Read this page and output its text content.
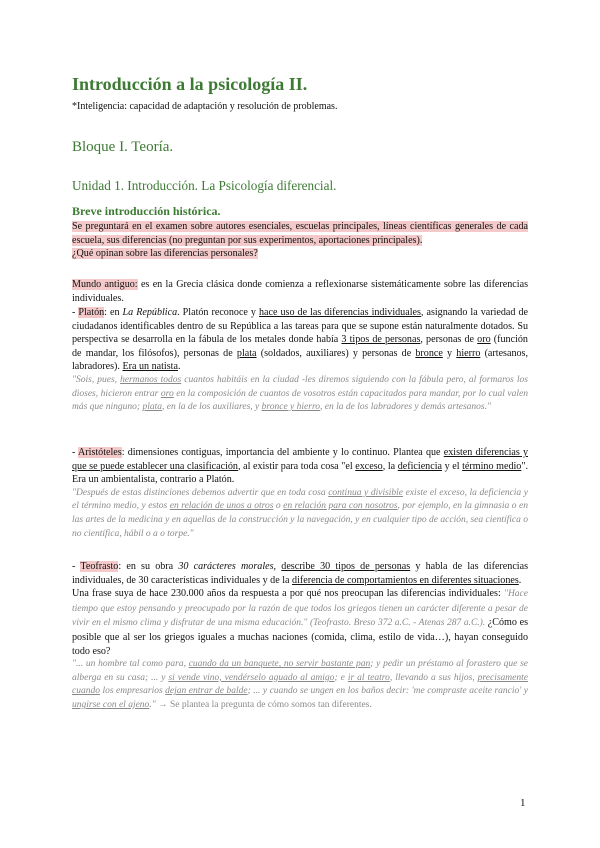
Introducción a la psicología II.
*Inteligencia: capacidad de adaptación y resolución de problemas.
Bloque I. Teoría.
Unidad 1. Introducción. La Psicología diferencial.
Breve introducción histórica.

Se preguntará en el examen sobre autores esenciales, escuelas principales, líneas científicas generales de cada escuela, sus diferencias (no preguntan por sus experimentos, aportaciones principales).

¿Qué opinan sobre las diferencias personales?

Mundo antiguo: es en la Grecia clásica donde comienza a reflexionarse sistemáticamente sobre las diferencias individuales.

- Platón: en La República. Platón reconoce y hace uso de las diferencias individuales, asignando la variedad de ciudadanos identificables dentro de su República a las tareas para que se supone están naturalmente dotados. Su perspectiva se desarrolla en la fábula de los metales donde había 3 tipos de personas, personas de oro (función de mandar, los filósofos), personas de plata (soldados, auxiliares) y personas de bronce y hierro (artesanos, labradores). Era un natista.

"Sois, pues, hermanos todos cuantos habitáis en la ciudad -les diremos siguiendo con la fábula pero, al formaros los dioses, hicieron entrar oro en la composición de cuantos de vosotros están capacitados para mandar, por lo cual valen más que ninguno; plata, en la de los auxiliares, y bronce y hierro, en la de los labradores y demás artesanos."

- Aristóteles: dimensiones contiguas, importancia del ambiente y lo continuo. Plantea que existen diferencias y que se puede establecer una clasificación, al existir para toda cosa "el exceso, la deficiencia y el término medio". Era un ambientalista, contrario a Platón.

"Después de estas distinciones debemos advertir que en toda cosa continua y divisible existe el exceso, la deficiencia y el término medio, y estos en relación de unos a otros o en relación para con nosotros, por ejemplo, en la gimnasia o en las artes de la medicina y en aquellas de la construcción y la navegación, y en cualquier tipo de acción, sea científica o no científica, hábil o a o torpe."

- Teofrasto: en su obra 30 carácteres morales, describe 30 tipos de personas y habla de las diferencias individuales, de 30 características individuales y de la diferencia de comportamientos en diferentes situaciones.

Una frase suya de hace 230.000 años da respuesta a por qué nos preocupan las diferencias individuales: "Hace tiempo que estoy pensando y preocupado por la razón de que todos los griegos tienen un carácter diferente a pesar de vivir en el mismo clima y disfrutar de una misma educación." (Teofrasto. Breso 372 a.C. - Atenas 287 a.C.). ¿Cómo es posible que al ser los griegos iguales a muchas naciones (comida, clima, estilo de vida…), hayan conseguido todo eso?

"... un hombre tal como para, cuando da un banquete, no servir bastante pan; y pedir un préstamo al forastero que se alberga en su casa; ... y si vende vino, vendérselo aguado al amigo; e ir al teatro, llevando a sus hijos, precisamente cuando los empresarios dejan entrar de balde; ... y cuando se ungen en los baños decir: 'me compraste aceite rancio' y ungirse con el ajeno." → Se plantea la pregunta de cómo somos tan diferentes.

1
